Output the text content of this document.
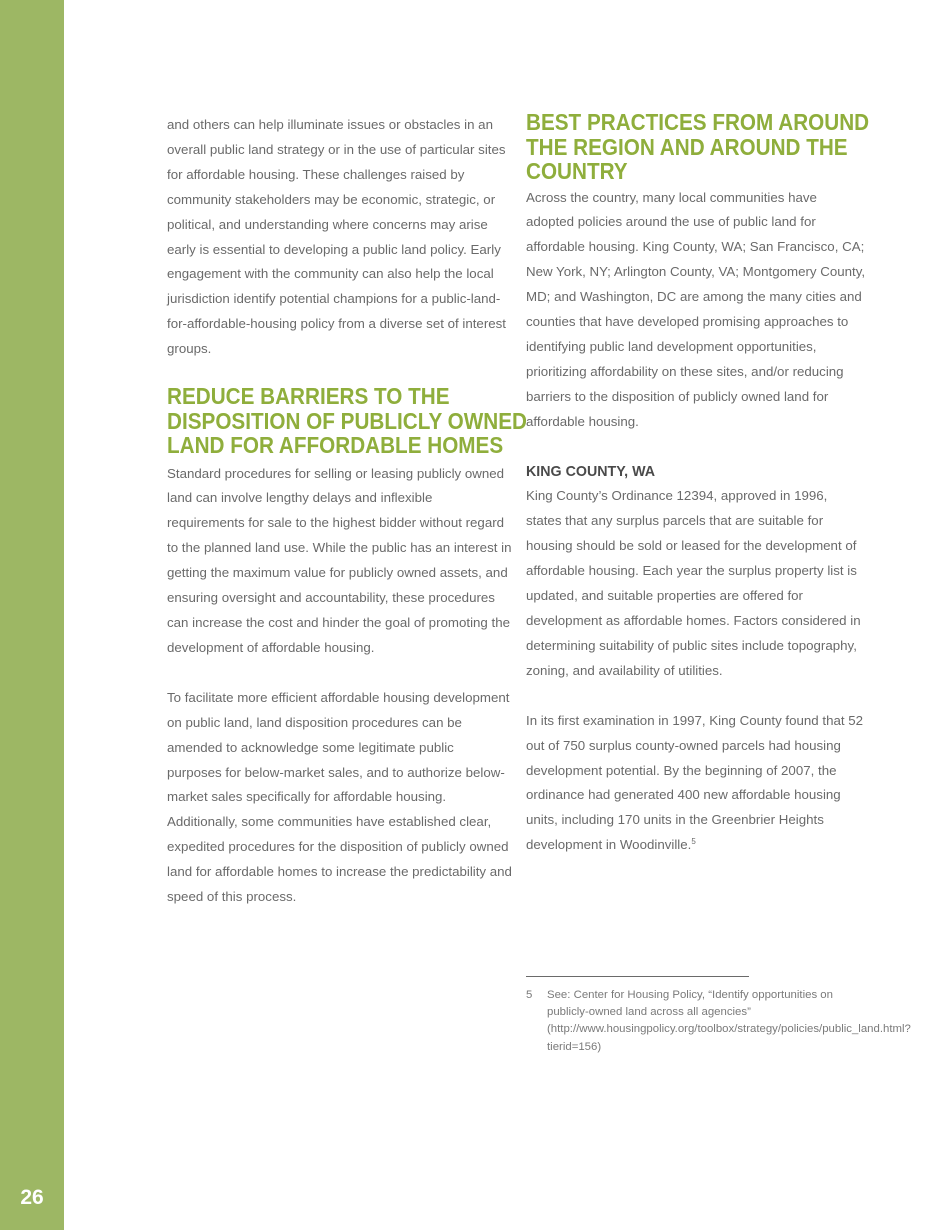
26

and others can help illuminate issues or obstacles in an overall public land strategy or in the use of particular sites for affordable housing. These challenges raised by community stakeholders may be economic, strategic, or political, and understanding where concerns may arise early is essential to developing a public land policy. Early engagement with the community can also help the local jurisdiction identify potential champions for a public-land-for-affordable-housing policy from a diverse set of interest groups.

REDUCE BARRIERS TO THE
DISPOSITION OF PUBLICLY OWNED
LAND FOR AFFORDABLE HOMES

Standard procedures for selling or leasing publicly owned land can involve lengthy delays and inflexible requirements for sale to the highest bidder without regard to the planned land use. While the public has an interest in getting the maximum value for publicly owned assets, and ensuring oversight and accountability, these procedures can increase the cost and hinder the goal of promoting the development of affordable housing.

To facilitate more efficient affordable housing development on public land, land disposition procedures can be amended to acknowledge some legitimate public purposes for below-market sales, and to authorize below-market sales specifically for affordable housing. Additionally, some communities have established clear, expedited procedures for the disposition of publicly owned land for affordable homes to increase the predictability and speed of this process.

BEST PRACTICES FROM AROUND
THE REGION AND AROUND THE
COUNTRY

Across the country, many local communities have adopted policies around the use of public land for affordable housing. King County, WA; San Francisco, CA; New York, NY; Arlington County, VA; Montgomery County, MD; and Washington, DC are among the many cities and counties that have developed promising approaches to identifying public land development opportunities, prioritizing affordability on these sites, and/or reducing barriers to the disposition of publicly owned land for affordable housing.

KING COUNTY, WA

King County’s Ordinance 12394, approved in 1996, states that any surplus parcels that are suitable for housing should be sold or leased for the development of affordable housing. Each year the surplus property list is updated, and suitable properties are offered for development as affordable homes. Factors considered in determining suitability of public sites include topography, zoning, and availability of utilities.

In its first examination in 1997, King County found that 52 out of 750 surplus county-owned parcels had housing development potential. By the beginning of 2007, the ordinance had generated 400 new affordable housing units, including 170 units in the Greenbrier Heights development in Woodinville.$^5$

5 See: Center for Housing Policy, “Identify opportunities on publicly-owned land across all agencies” (http://www.housingpolicy.org/toolbox/strategy/policies/public_land.html?tierid=156)
